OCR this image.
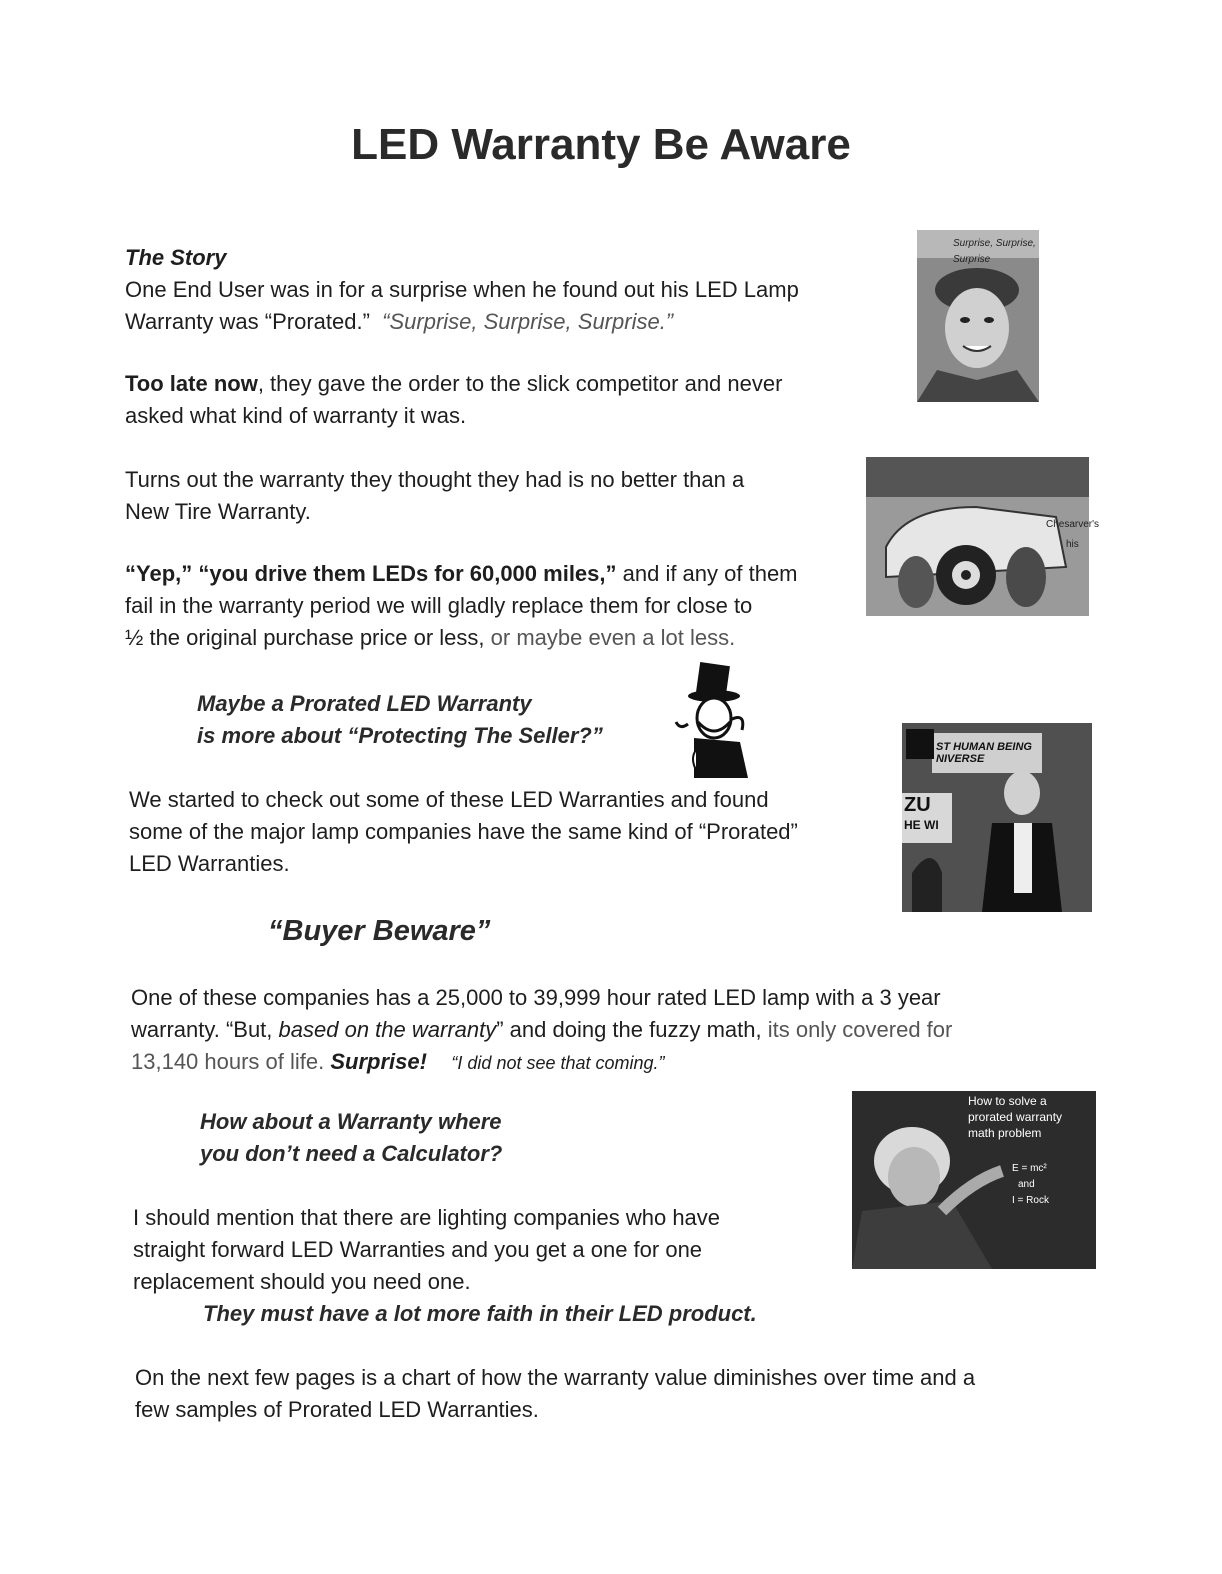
LED Warranty Be Aware
The Story
One End User was in for a surprise when he found out his LED Lamp
Warranty was “Prorated.” “Surprise, Surprise, Surprise.”
Too late now, they gave the order to the slick competitor and never
asked what kind of warranty it was.
Turns out the warranty they thought they had is no better than a
New Tire Warranty.
“Yep,” “you drive them LEDs for 60,000 miles,” and if any of them
fail in the warranty period we will gladly replace them for close to
½ the original purchase price or less, or maybe even a lot less.
Maybe a Prorated LED Warranty
is more about “Protecting The Seller?”
We started to check out some of these LED Warranties and found
some of the major lamp companies have the same kind of “Prorated”
LED Warranties.
“Buyer Beware”
One of these companies has a 25,000 to 39,999 hour rated LED lamp with a 3 year
warranty. “But, based on the warranty” and doing the fuzzy math, its only covered for
13,140 hours of life. Surprise! “I did not see that coming.”
How about a Warranty where
you don’t need a Calculator?
I should mention that there are lighting companies who have
straight forward LED Warranties and you get a one for one
replacement should you need one.
They must have a lot more faith in their LED product.
On the next few pages is a chart of how the warranty value diminishes over time and a
few samples of Prorated LED Warranties.
Surprise, Surprise, Surprise
Chesarver's
his
ST HUMAN BEING
NIVERSE
ZU
HE WI
How to solve a
prorated warranty
math problem
E = mc²
and
I = Rock
